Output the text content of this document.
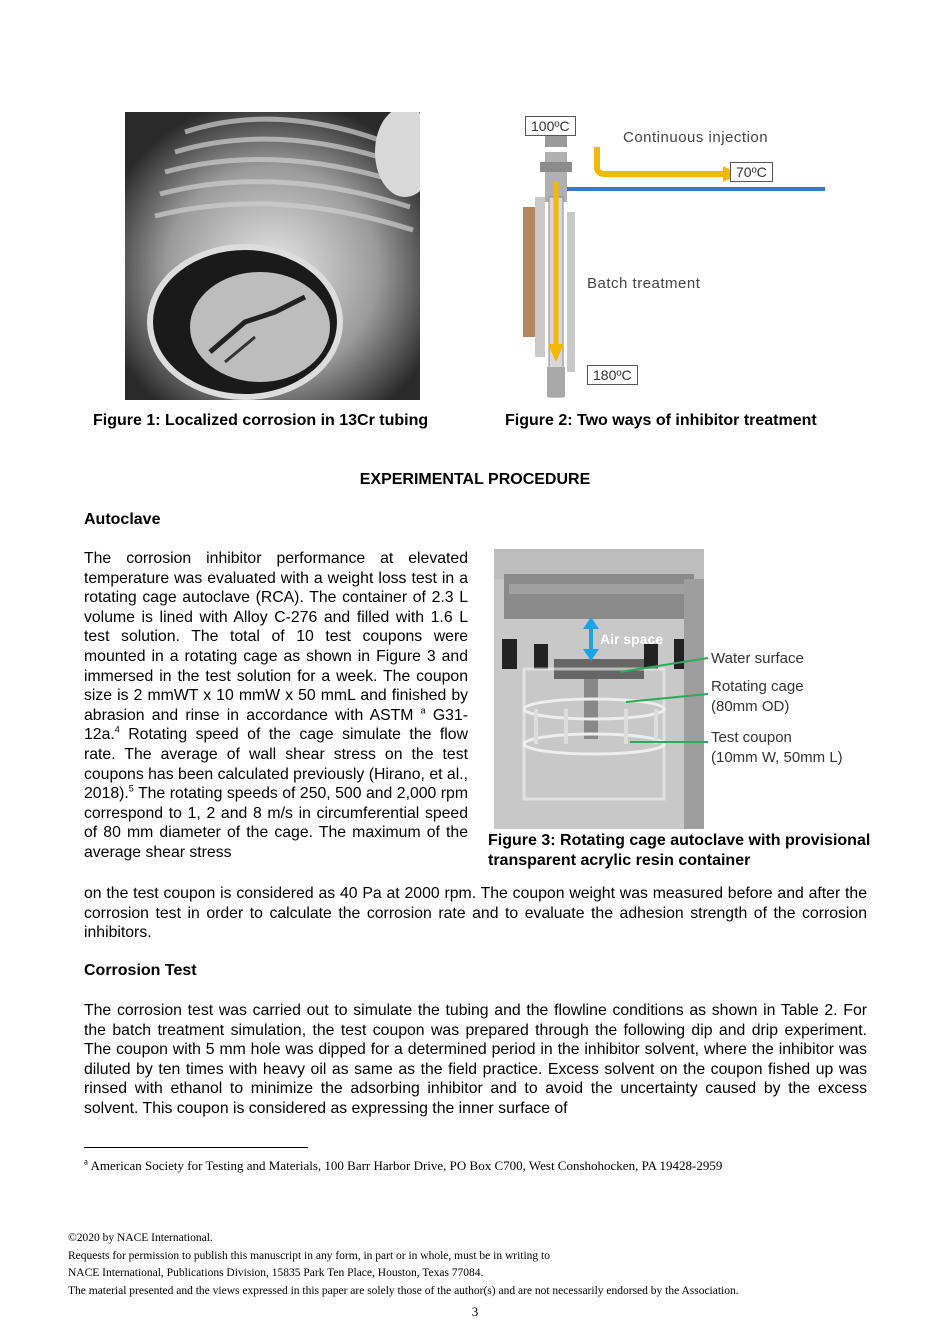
Figure 1: Localized corrosion in 13Cr tubing
100ºC
70ºC
180ºC
Continuous injection
Batch treatment
Figure 2: Two ways of inhibitor treatment
EXPERIMENTAL PROCEDURE
Autoclave
The corrosion inhibitor performance at elevated temperature was evaluated with a weight loss test in a rotating cage autoclave (RCA). The container of 2.3 L volume is lined with Alloy C-276 and filled with 1.6 L test solution. The total of 10 test coupons were mounted in a rotating cage as shown in Figure 3 and immersed in the test solution for a week. The coupon size is 2 mmWT x 10 mmW x 50 mmL and finished by abrasion and rinse in accordance with ASTM $^a$ G31-12a.$^4$ Rotating speed of the cage simulate the flow rate. The average of wall shear stress on the test coupons has been calculated previously (Hirano, et al., 2018).$^5$ The rotating speeds of 250, 500 and 2,000 rpm correspond to 1, 2 and 8 m/s in circumferential speed of 80 mm diameter of the cage. The maximum of the average shear stress
on the test coupon is considered as 40 Pa at 2000 rpm. The coupon weight was measured before and after the corrosion test in order to calculate the corrosion rate and to evaluate the adhesion strength of the corrosion inhibitors.
Air space
Water surface
Rotating cage
(80mm OD)
Test coupon
(10mm W, 50mm L)
Figure 3: Rotating cage autoclave with provisional transparent acrylic resin container
Corrosion Test
The corrosion test was carried out to simulate the tubing and the flowline conditions as shown in Table 2. For the batch treatment simulation, the test coupon was prepared through the following dip and drip experiment. The coupon with 5 mm hole was dipped for a determined period in the inhibitor solvent, where the inhibitor was diluted by ten times with heavy oil as same as the field practice. Excess solvent on the coupon fished up was rinsed with ethanol to minimize the adsorbing inhibitor and to avoid the uncertainty caused by the excess solvent. This coupon is considered as expressing the inner surface of
$^a$ American Society for Testing and Materials, 100 Barr Harbor Drive, PO Box C700, West Conshohocken, PA 19428-2959
©2020 by NACE International.
Requests for permission to publish this manuscript in any form, in part or in whole, must be in writing to
NACE International, Publications Division, 15835 Park Ten Place, Houston, Texas 77084.
The material presented and the views expressed in this paper are solely those of the author(s) and are not necessarily endorsed by the Association.
3
